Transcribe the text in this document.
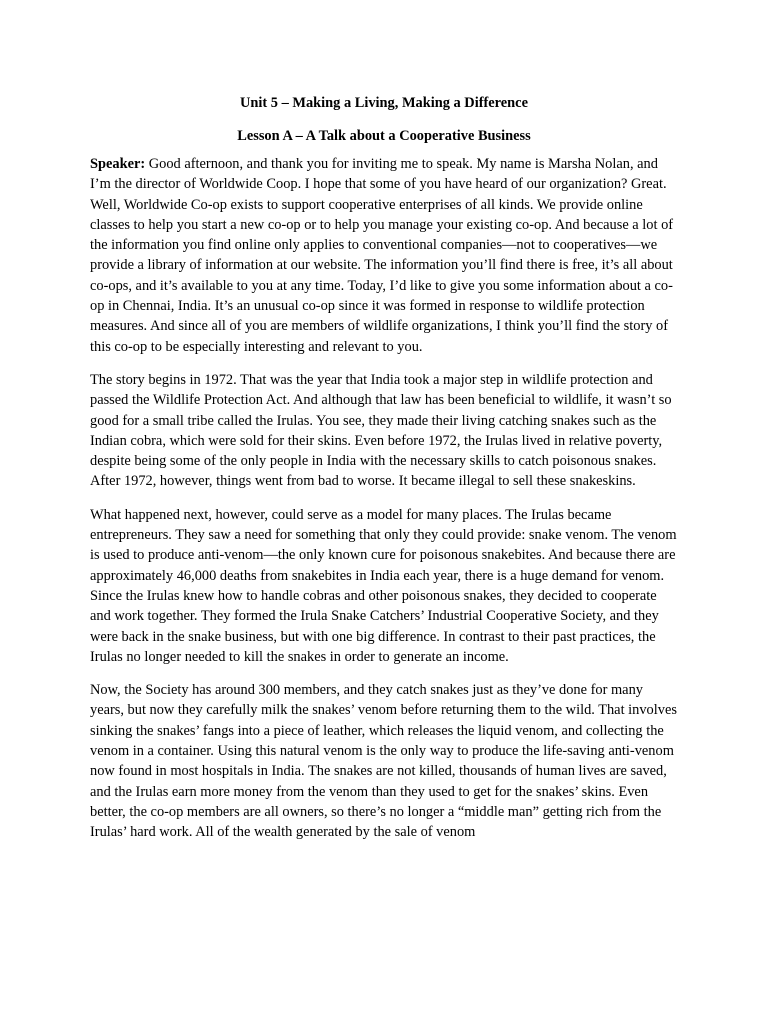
Unit 5 – Making a Living, Making a Difference
Lesson A – A Talk about a Cooperative Business

Speaker: Good afternoon, and thank you for inviting me to speak. My name is Marsha Nolan, and I’m the director of Worldwide Coop. I hope that some of you have heard of our organization? Great. Well, Worldwide Co-op exists to support cooperative enterprises of all kinds. We provide online classes to help you start a new co-op or to help you manage your existing co-op. And because a lot of the information you find online only applies to conventional companies—not to cooperatives—we provide a library of information at our website. The information you’ll find there is free, it’s all about co-ops, and it’s available to you at any time. Today, I’d like to give you some information about a co-op in Chennai, India. It’s an unusual co-op since it was formed in response to wildlife protection measures. And since all of you are members of wildlife organizations, I think you’ll find the story of this co-op to be especially interesting and relevant to you.

The story begins in 1972. That was the year that India took a major step in wildlife protection and passed the Wildlife Protection Act. And although that law has been beneficial to wildlife, it wasn’t so good for a small tribe called the Irulas. You see, they made their living catching snakes such as the Indian cobra, which were sold for their skins. Even before 1972, the Irulas lived in relative poverty, despite being some of the only people in India with the necessary skills to catch poisonous snakes. After 1972, however, things went from bad to worse. It became illegal to sell these snakeskins.

What happened next, however, could serve as a model for many places. The Irulas became entrepreneurs. They saw a need for something that only they could provide: snake venom. The venom is used to produce anti-venom—the only known cure for poisonous snakebites. And because there are approximately 46,000 deaths from snakebites in India each year, there is a huge demand for venom. Since the Irulas knew how to handle cobras and other poisonous snakes, they decided to cooperate and work together. They formed the Irula Snake Catchers’ Industrial Cooperative Society, and they were back in the snake business, but with one big difference. In contrast to their past practices, the Irulas no longer needed to kill the snakes in order to generate an income.

Now, the Society has around 300 members, and they catch snakes just as they’ve done for many years, but now they carefully milk the snakes’ venom before returning them to the wild. That involves sinking the snakes’ fangs into a piece of leather, which releases the liquid venom, and collecting the venom in a container. Using this natural venom is the only way to produce the life-saving anti-venom now found in most hospitals in India. The snakes are not killed, thousands of human lives are saved, and the Irulas earn more money from the venom than they used to get for the snakes’ skins. Even better, the co-op members are all owners, so there’s no longer a “middle man” getting rich from the Irulas’ hard work. All of the wealth generated by the sale of venom
